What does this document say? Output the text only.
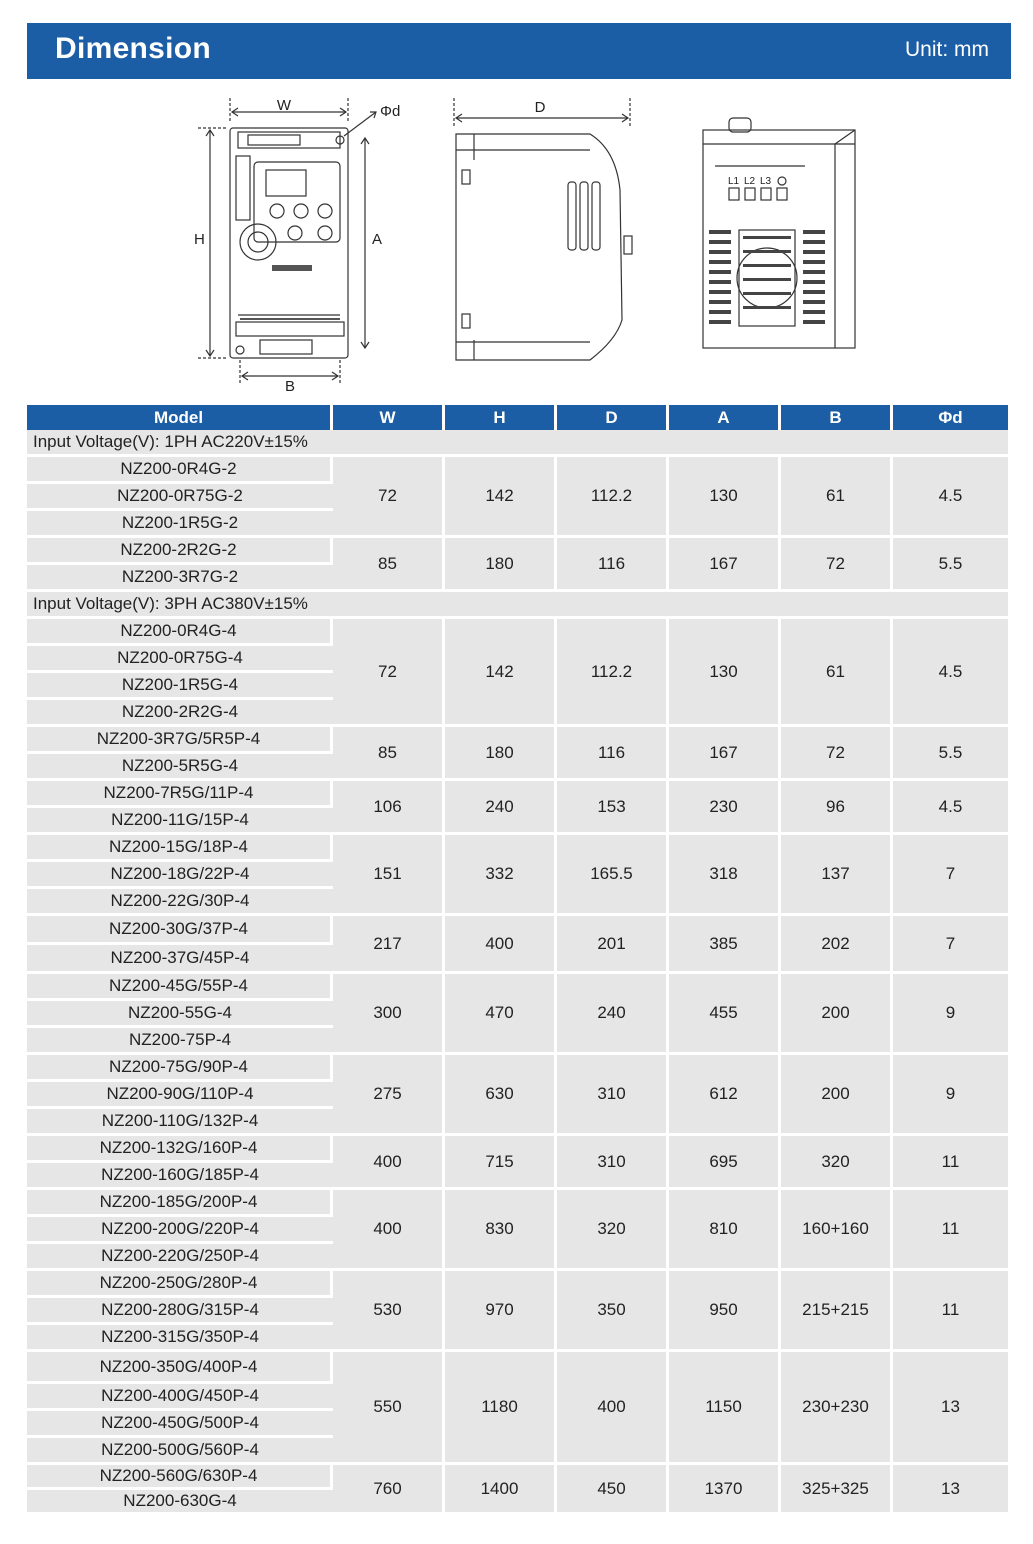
Dimension	Unit: mm
W	Φd
H	A
B
D
L1 L2 L3
Model	W	H	D	A	B	Φd
Input Voltage(V): 1PH AC220V±15%						
NZ200-0R4G-2	72	142	112.2	130	61	4.5
NZ200-0R75G-2						
NZ200-1R5G-2						
NZ200-2R2G-2	85	180	116	167	72	5.5
NZ200-3R7G-2						
Input Voltage(V): 3PH AC380V±15%						
NZ200-0R4G-4	72	142	112.2	130	61	4.5
NZ200-0R75G-4						
NZ200-1R5G-4						
NZ200-2R2G-4						
NZ200-3R7G/5R5P-4	85	180	116	167	72	5.5
NZ200-5R5G-4						
NZ200-7R5G/11P-4	106	240	153	230	96	4.5
NZ200-11G/15P-4						
NZ200-15G/18P-4	151	332	165.5	318	137	7
NZ200-18G/22P-4						
NZ200-22G/30P-4						
NZ200-30G/37P-4	217	400	201	385	202	7
NZ200-37G/45P-4						
NZ200-45G/55P-4	300	470	240	455	200	9
NZ200-55G-4						
NZ200-75P-4						
NZ200-75G/90P-4	275	630	310	612	200	9
NZ200-90G/110P-4						
NZ200-110G/132P-4						
NZ200-132G/160P-4	400	715	310	695	320	11
NZ200-160G/185P-4						
NZ200-185G/200P-4	400	830	320	810	160+160	11
NZ200-200G/220P-4						
NZ200-220G/250P-4						
NZ200-250G/280P-4	530	970	350	950	215+215	11
NZ200-280G/315P-4						
NZ200-315G/350P-4						
NZ200-350G/400P-4	550	1180	400	1150	230+230	13
NZ200-400G/450P-4						
NZ200-450G/500P-4						
NZ200-500G/560P-4						
NZ200-560G/630P-4	760	1400	450	1370	325+325	13
NZ200-630G-4						
